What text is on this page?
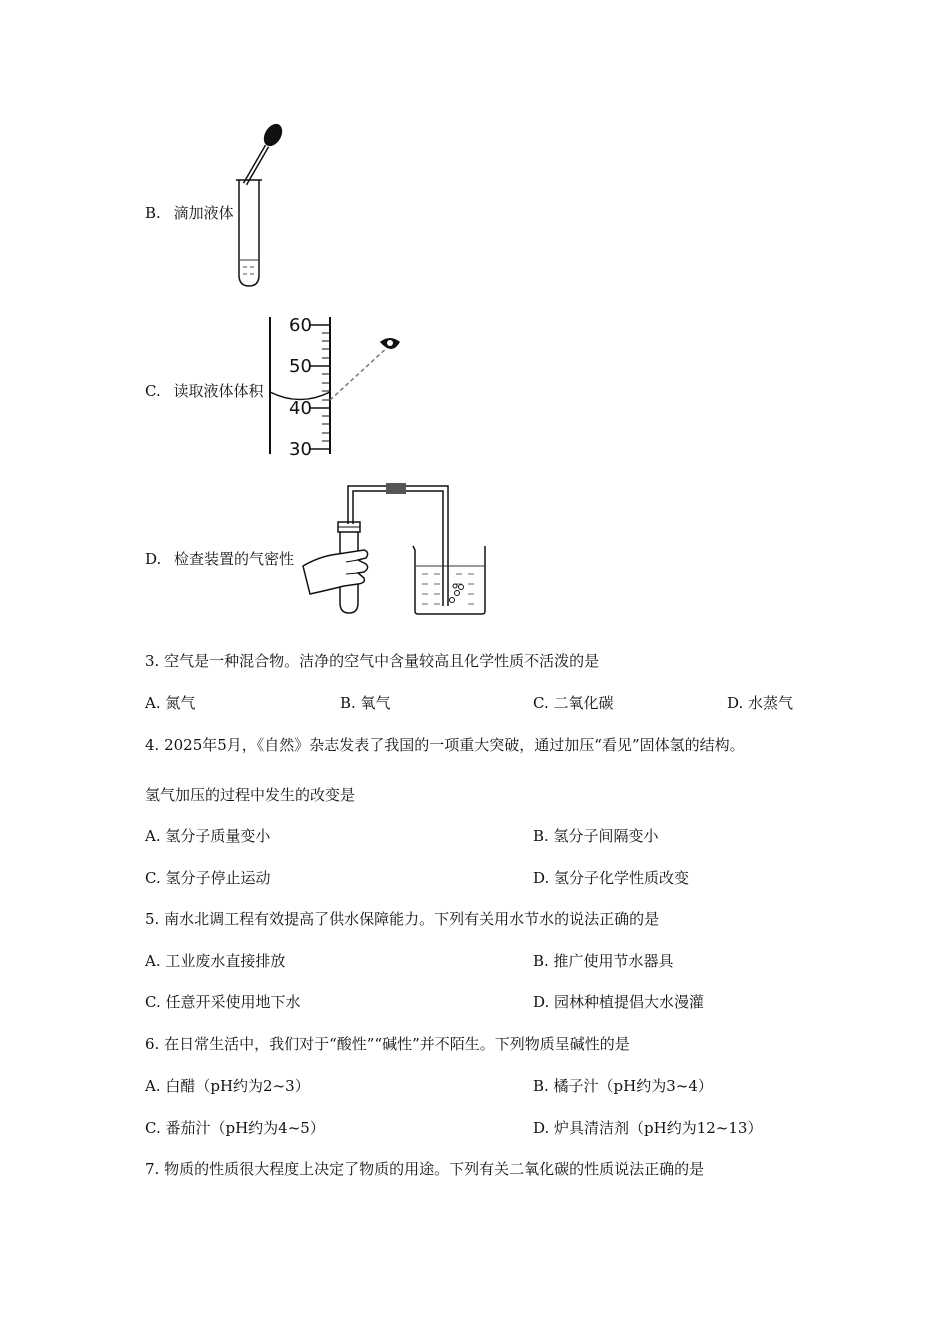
B. 滴加液体
C. 读取液体体积
60
50
40
30
D. 检查装置的气密性
3. 空气是一种混合物。洁净的空气中含量较高且化学性质不活泼的是
A. 氮气	B. 氧气	C. 二氧化碳	D. 水蒸气
4. 2025年5月，《自然》杂志发表了我国的一项重大突破，通过加压“看见”固体氢的结构。
氢气加压的过程中发生的改变是
A. 氢分子质量变小	B. 氢分子间隔变小
C. 氢分子停止运动	D. 氢分子化学性质改变
5. 南水北调工程有效提高了供水保障能力。下列有关用水节水的说法正确的是
A. 工业废水直接排放	B. 推广使用节水器具
C. 任意开采使用地下水	D. 园林种植提倡大水漫灌
6. 在日常生活中，我们对于“酸性”“碱性”并不陌生。下列物质呈碱性的是
A. 白醋（pH约为2~3）	B. 橘子汁（pH约为3~4）
C. 番茄汁（pH约为4~5）	D. 炉具清洁剂（pH约为12~13）
7. 物质的性质很大程度上决定了物质的用途。下列有关二氧化碳的性质说法正确的是
